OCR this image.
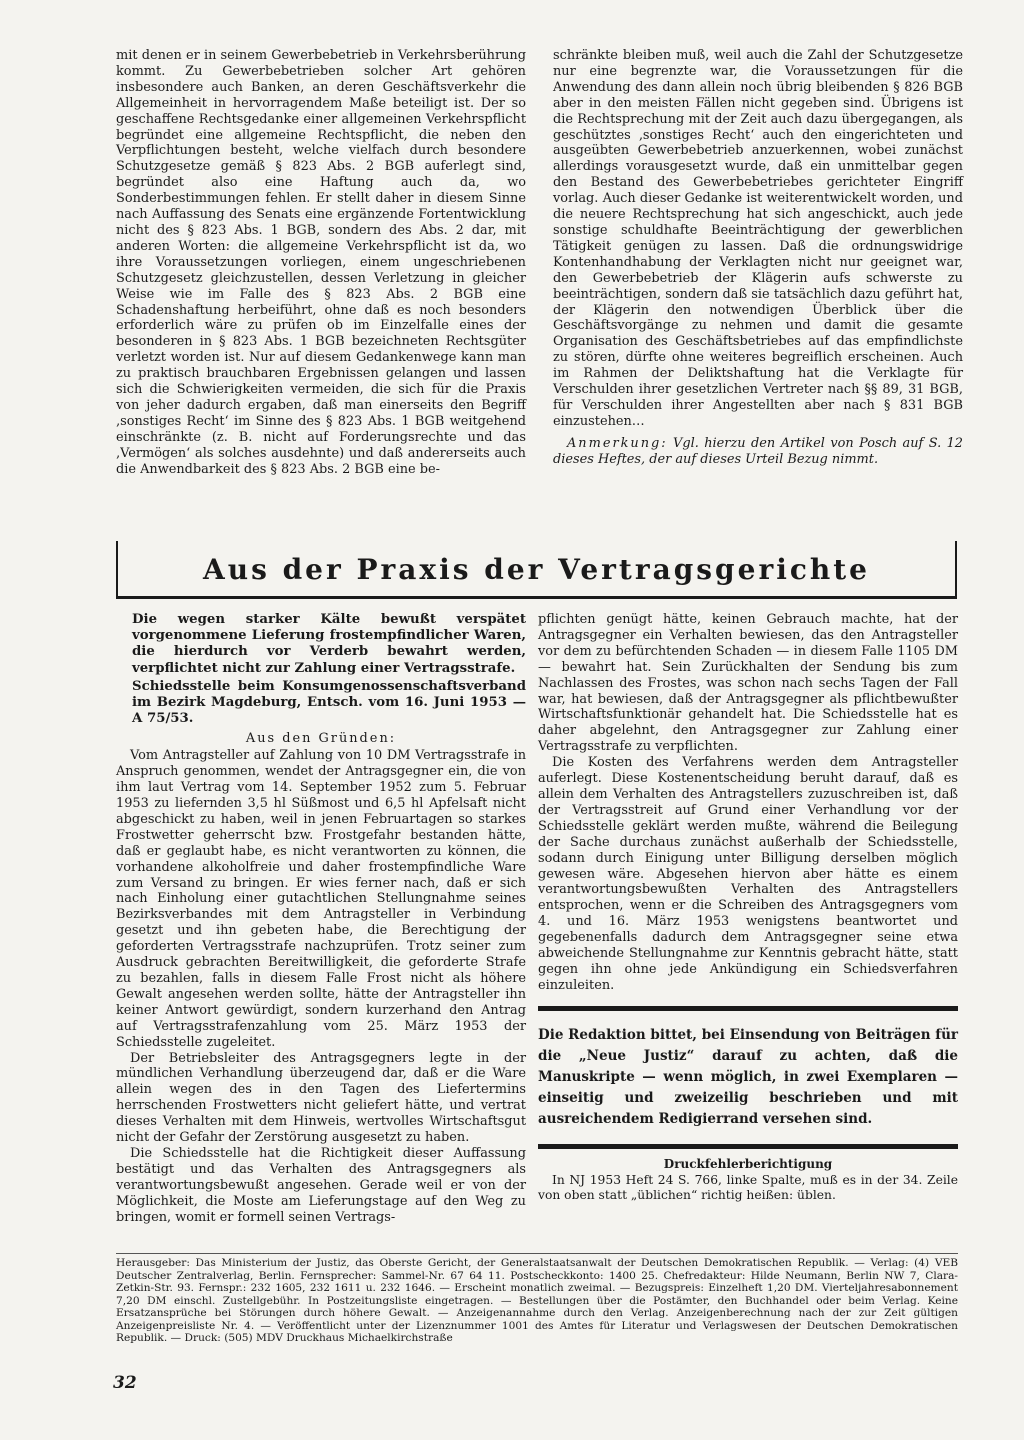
mit denen er in seinem Gewerbebetrieb in Verkehrsberührung kommt. Zu Gewerbebetrieben solcher Art gehören insbesondere auch Banken, an deren Geschäftsverkehr die Allgemeinheit in hervorragendem Maße beteiligt ist. Der so geschaffene Rechtsgedanke einer allgemeinen Verkehrspflicht begründet eine allgemeine Rechtspflicht, die neben den Verpflichtungen besteht, welche vielfach durch besondere Schutzgesetze gemäß § 823 Abs. 2 BGB auferlegt sind, begründet also eine Haftung auch da, wo Sonderbestimmungen fehlen. Er stellt daher in diesem Sinne nach Auffassung des Senats eine ergänzende Fortentwicklung nicht des § 823 Abs. 1 BGB, sondern des Abs. 2 dar, mit anderen Worten: die allgemeine Verkehrspflicht ist da, wo ihre Voraussetzungen vorliegen, einem ungeschriebenen Schutzgesetz gleichzustellen, dessen Verletzung in gleicher Weise wie im Falle des § 823 Abs. 2 BGB eine Schadenshaftung herbeiführt, ohne daß es noch besonders erforderlich wäre zu prüfen ob im Einzelfalle eines der besonderen in § 823 Abs. 1 BGB bezeichneten Rechtsgüter verletzt worden ist. Nur auf diesem Gedankenwege kann man zu praktisch brauchbaren Ergebnissen gelangen und lassen sich die Schwierigkeiten vermeiden, die sich für die Praxis von jeher dadurch ergaben, daß man einerseits den Begriff ‚sonstiges Recht‘ im Sinne des § 823 Abs. 1 BGB weitgehend einschränkte (z. B. nicht auf Forderungsrechte und das ‚Vermögen‘ als solches ausdehnte) und daß andererseits auch die Anwendbarkeit des § 823 Abs. 2 BGB eine be-

schränkte bleiben muß, weil auch die Zahl der Schutzgesetze nur eine begrenzte war, die Voraussetzungen für die Anwendung des dann allein noch übrig bleibenden § 826 BGB aber in den meisten Fällen nicht gegeben sind. Übrigens ist die Rechtsprechung mit der Zeit auch dazu übergegangen, als geschütztes ‚sonstiges Recht‘ auch den eingerichteten und ausgeübten Gewerbebetrieb anzuerkennen, wobei zunächst allerdings vorausgesetzt wurde, daß ein unmittelbar gegen den Bestand des Gewerbebetriebes gerichteter Eingriff vorlag. Auch dieser Gedanke ist weiterentwickelt worden, und die neuere Rechtsprechung hat sich angeschickt, auch jede sonstige schuldhafte Beeinträchtigung der gewerblichen Tätigkeit genügen zu lassen. Daß die ordnungswidrige Kontenhandhabung der Verklagten nicht nur geeignet war, den Gewerbebetrieb der Klägerin aufs schwerste zu beeinträchtigen, sondern daß sie tatsächlich dazu geführt hat, der Klägerin den notwendigen Überblick über die Geschäftsvorgänge zu nehmen und damit die gesamte Organisation des Geschäftsbetriebes auf das empfindlichste zu stören, dürfte ohne weiteres begreiflich erscheinen. Auch im Rahmen der Deliktshaftung hat die Verklagte für Verschulden ihrer gesetzlichen Vertreter nach §§ 89, 31 BGB, für Verschulden ihrer Angestellten aber nach § 831 BGB einzustehen…

Anmerkung: Vgl. hierzu den Artikel von Posch auf S. 12 dieses Heftes, der auf dieses Urteil Bezug nimmt.

Aus der Praxis der Vertragsgerichte

Die wegen starker Kälte bewußt verspätet vorgenommene Lieferung frostempfindlicher Waren, die hierdurch vor Verderb bewahrt werden, verpflichtet nicht zur Zahlung einer Vertragsstrafe.

Schiedsstelle beim Konsumgenossenschaftsverband im Bezirk Magdeburg, Entsch. vom 16. Juni 1953 — A 75/53.

Aus den Gründen:

Vom Antragsteller auf Zahlung von 10 DM Vertragsstrafe in Anspruch genommen, wendet der Antragsgegner ein, die von ihm laut Vertrag vom 14. September 1952 zum 5. Februar 1953 zu liefernden 3,5 hl Süßmost und 6,5 hl Apfelsaft nicht abgeschickt zu haben, weil in jenen Februartagen so starkes Frostwetter geherrscht bzw. Frostgefahr bestanden hätte, daß er geglaubt habe, es nicht verantworten zu können, die vorhandene alkoholfreie und daher frostempfindliche Ware zum Versand zu bringen. Er wies ferner nach, daß er sich nach Einholung einer gutachtlichen Stellungnahme seines Bezirksverbandes mit dem Antragsteller in Verbindung gesetzt und ihn gebeten habe, die Berechtigung der geforderten Vertragsstrafe nachzuprüfen. Trotz seiner zum Ausdruck gebrachten Bereitwilligkeit, die geforderte Strafe zu bezahlen, falls in diesem Falle Frost nicht als höhere Gewalt angesehen werden sollte, hätte der Antragsteller ihn keiner Antwort gewürdigt, sondern kurzerhand den Antrag auf Vertragsstrafenzahlung vom 25. März 1953 der Schiedsstelle zugeleitet.

Der Betriebsleiter des Antragsgegners legte in der mündlichen Verhandlung überzeugend dar, daß er die Ware allein wegen des in den Tagen des Liefertermins herrschenden Frostwetters nicht geliefert hätte, und vertrat dieses Verhalten mit dem Hinweis, wertvolles Wirtschaftsgut nicht der Gefahr der Zerstörung ausgesetzt zu haben.

Die Schiedsstelle hat die Richtigkeit dieser Auffassung bestätigt und das Verhalten des Antragsgegners als verantwortungsbewußt angesehen. Gerade weil er von der Möglichkeit, die Moste am Lieferungstage auf den Weg zu bringen, womit er formell seinen Vertrags-

pflichten genügt hätte, keinen Gebrauch machte, hat der Antragsgegner ein Verhalten bewiesen, das den Antragsteller vor dem zu befürchtenden Schaden — in diesem Falle 1105 DM — bewahrt hat. Sein Zurückhalten der Sendung bis zum Nachlassen des Frostes, was schon nach sechs Tagen der Fall war, hat bewiesen, daß der Antragsgegner als pflichtbewußter Wirtschaftsfunktionär gehandelt hat. Die Schiedsstelle hat es daher abgelehnt, den Antragsgegner zur Zahlung einer Vertragsstrafe zu verpflichten.

Die Kosten des Verfahrens werden dem Antragsteller auferlegt. Diese Kostenentscheidung beruht darauf, daß es allein dem Verhalten des Antragstellers zuzuschreiben ist, daß der Vertragsstreit auf Grund einer Verhandlung vor der Schiedsstelle geklärt werden mußte, während die Beilegung der Sache durchaus zunächst außerhalb der Schiedsstelle, sodann durch Einigung unter Billigung derselben möglich gewesen wäre. Abgesehen hiervon aber hätte es einem verantwortungsbewußten Verhalten des Antragstellers entsprochen, wenn er die Schreiben des Antragsgegners vom 4. und 16. März 1953 wenigstens beantwortet und gegebenenfalls dadurch dem Antragsgegner seine etwa abweichende Stellungnahme zur Kenntnis gebracht hätte, statt gegen ihn ohne jede Ankündigung ein Schiedsverfahren einzuleiten.

Die Redaktion bittet, bei Einsendung von Beiträgen für die „Neue Justiz“ darauf zu achten, daß die Manuskripte — wenn möglich, in zwei Exemplaren — einseitig und zweizeilig beschrieben und mit ausreichendem Redigierrand versehen sind.

Druckfehlerberichtigung

In NJ 1953 Heft 24 S. 766, linke Spalte, muß es in der 34. Zeile von oben statt „üblichen“ richtig heißen: üblen.

Herausgeber: Das Ministerium der Justiz, das Oberste Gericht, der Generalstaatsanwalt der Deutschen Demokratischen Republik. — Verlag: (4) VEB Deutscher Zentralverlag, Berlin. Fernsprecher: Sammel-Nr. 67 64 11. Postscheckkonto: 1400 25. Chefredakteur: Hilde Neumann, Berlin NW 7, Clara-Zetkin-Str. 93. Fernspr.: 232 1605, 232 1611 u. 232 1646. — Erscheint monatlich zweimal. — Bezugspreis: Einzelheft 1,20 DM. Vierteljahresabonnement 7,20 DM einschl. Zustellgebühr. In Postzeitungsliste eingetragen. — Bestellungen über die Postämter, den Buchhandel oder beim Verlag. Keine Ersatzansprüche bei Störungen durch höhere Gewalt. — Anzeigenannahme durch den Verlag. Anzeigenberechnung nach der zur Zeit gültigen Anzeigenpreisliste Nr. 4. — Veröffentlicht unter der Lizenznummer 1001 des Amtes für Literatur und Verlagswesen der Deutschen Demokratischen Republik. — Druck: (505) MDV Druckhaus Michaelkirchstraße

32
